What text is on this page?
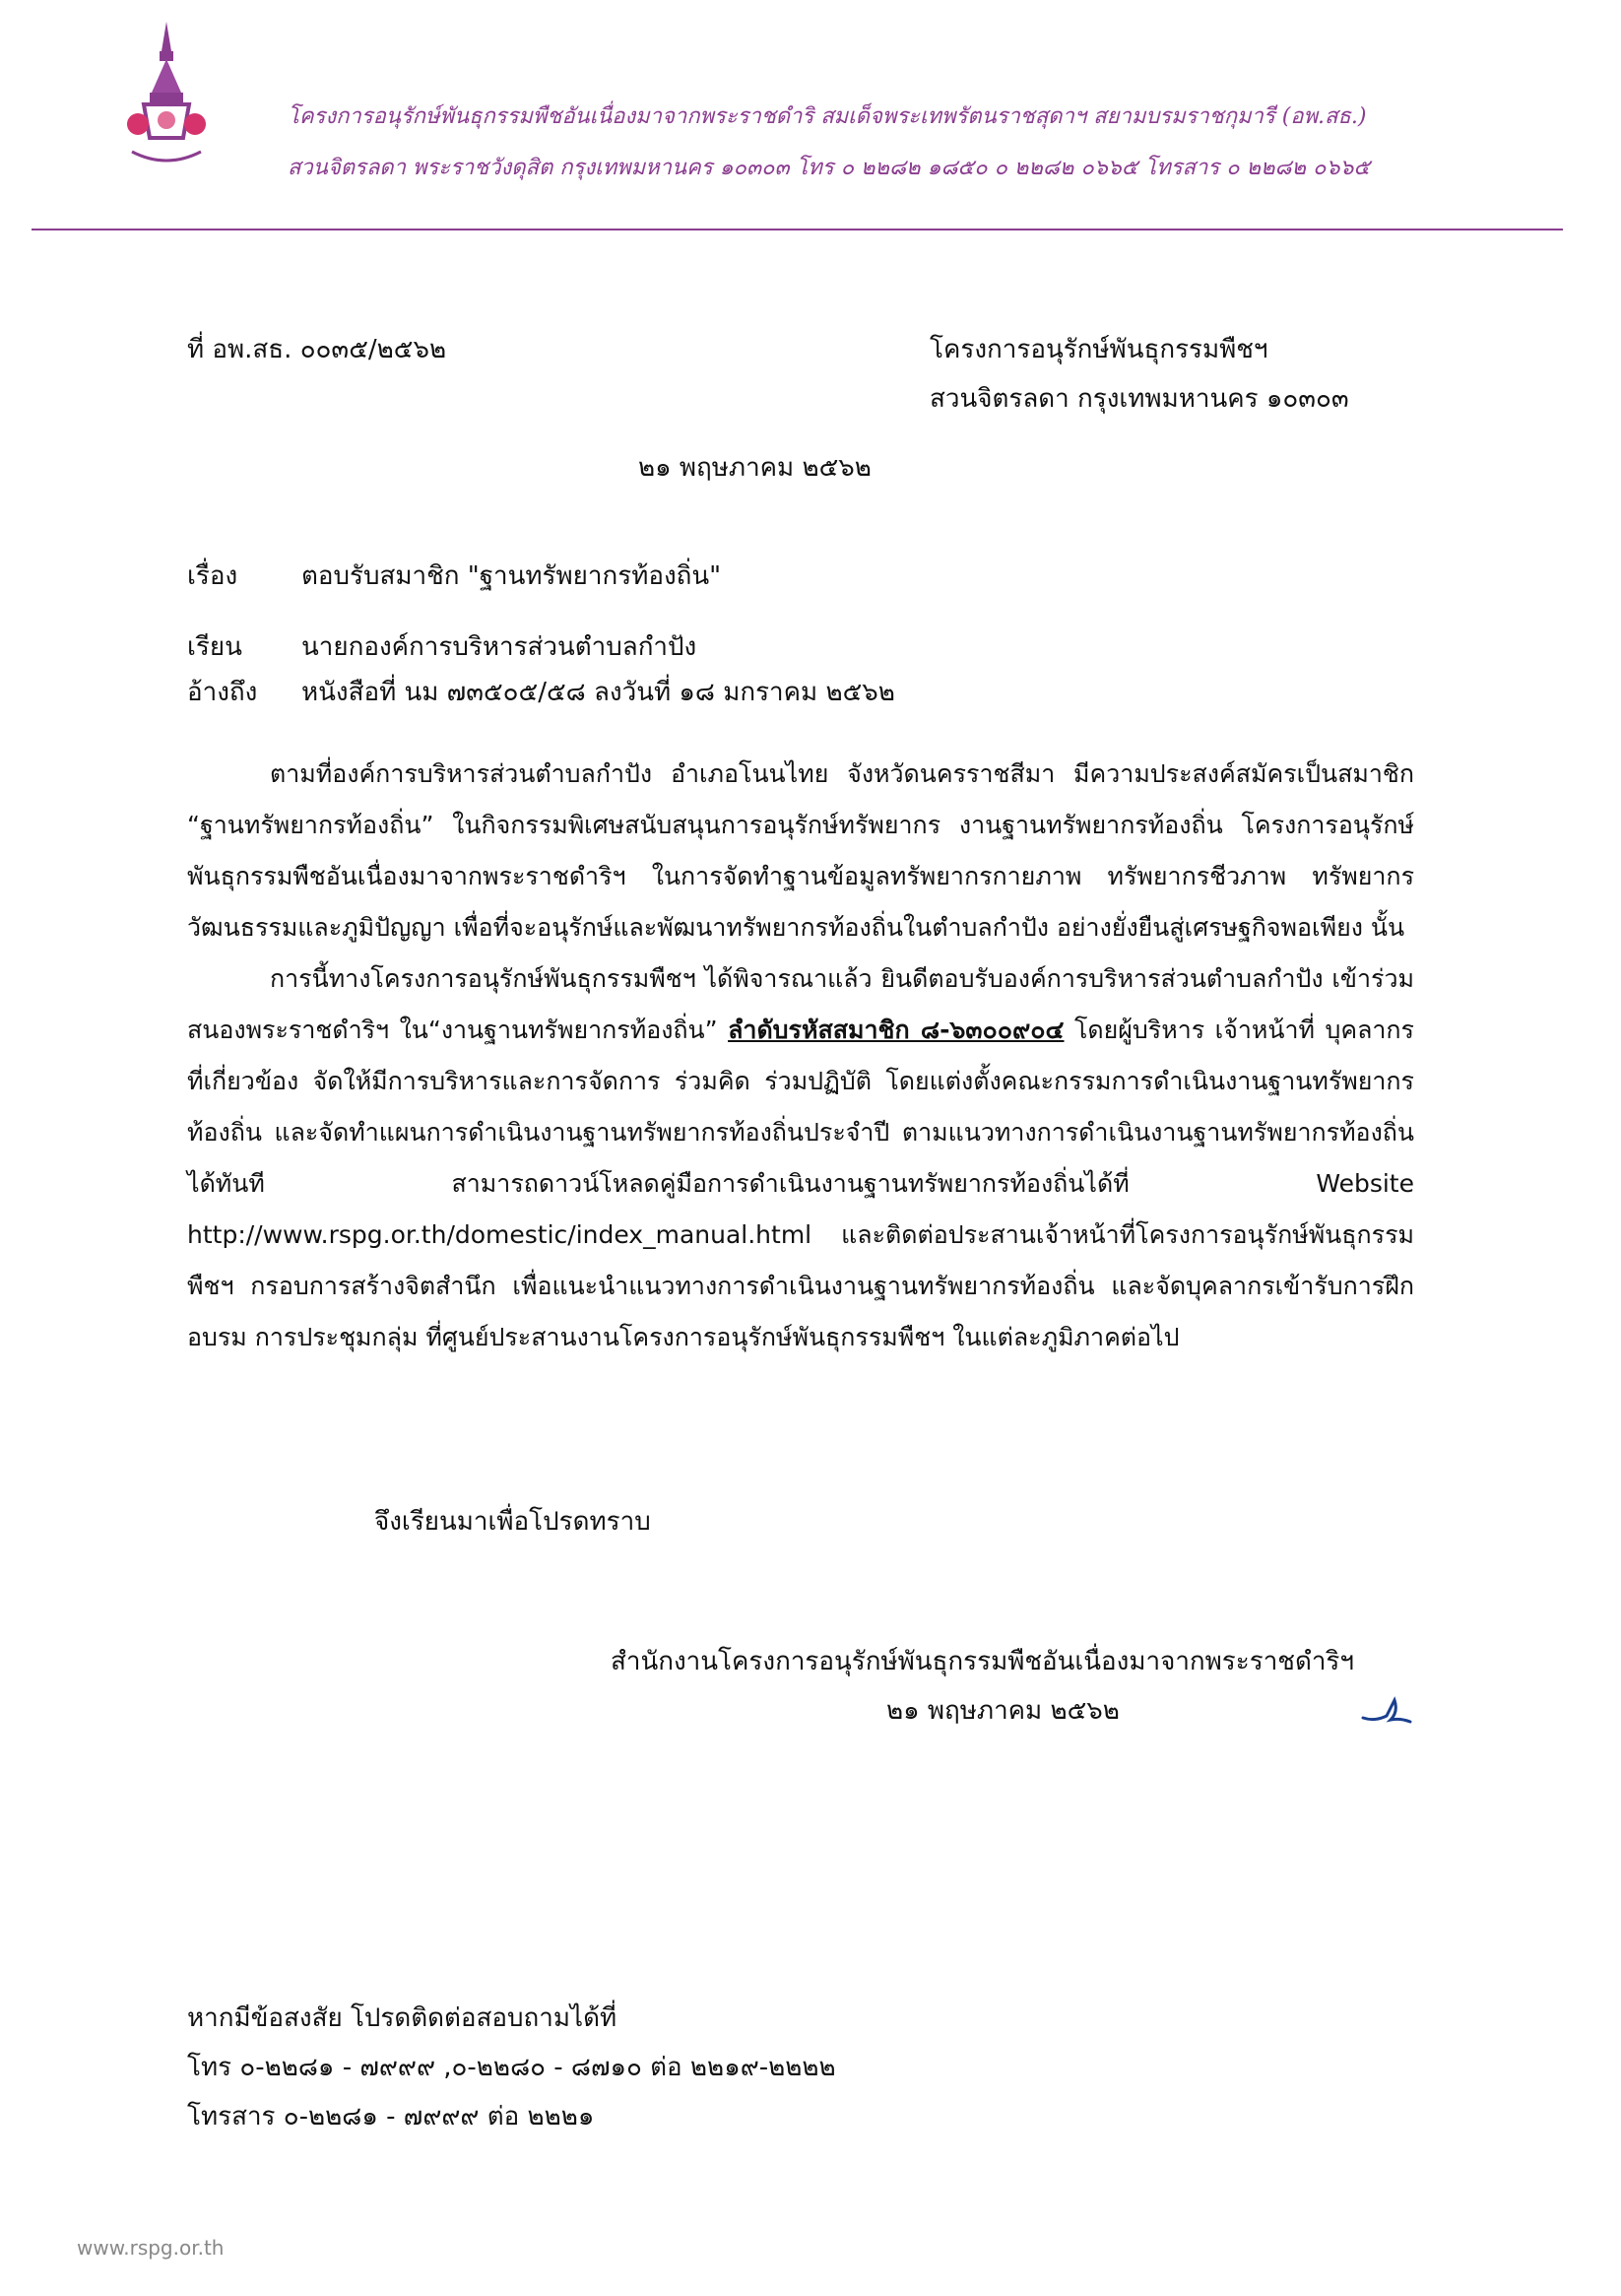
โครงการอนุรักษ์พันธุกรรมพืชอันเนื่องมาจากพระราชดำริ สมเด็จพระเทพรัตนราชสุดาฯ สยามบรมราชกุมารี (อพ.สธ.)
สวนจิตรลดา พระราชวังดุสิต กรุงเทพมหานคร ๑๐๓๐๓ โทร ๐ ๒๒๘๒ ๑๘๕๐ ๐ ๒๒๘๒ ๐๖๖๕ โทรสาร ๐ ๒๒๘๒ ๐๖๖๕
ที่ อพ.สธ. ๐๐๓๕/๒๕๖๒	โครงการอนุรักษ์พันธุกรรมพืชฯ
สวนจิตรลดา กรุงเทพมหานคร ๑๐๓๐๓
๒๑ พฤษภาคม ๒๕๖๒
เรื่อง ตอบรับสมาชิก "ฐานทรัพยากรท้องถิ่น"
เรียน นายกองค์การบริหารส่วนตำบลกำปัง
อ้างถึง หนังสือที่ นม ๗๓๕๐๕/๕๘ ลงวันที่ ๑๘ มกราคม ๒๕๖๒

ตามที่องค์การบริหารส่วนตำบลกำปัง อำเภอโนนไทย จังหวัดนครราชสีมา มีความประสงค์สมัครเป็นสมาชิก “ฐานทรัพยากรท้องถิ่น” ในกิจกรรมพิเศษสนับสนุนการอนุรักษ์ทรัพยากร งานฐานทรัพยากรท้องถิ่น โครงการอนุรักษ์พันธุกรรมพืชอันเนื่องมาจากพระราชดำริฯ ในการจัดทำฐานข้อมูลทรัพยากรกายภาพ ทรัพยากรชีวภาพ ทรัพยากรวัฒนธรรมและภูมิปัญญา เพื่อที่จะอนุรักษ์และพัฒนาทรัพยากรท้องถิ่นในตำบลกำปัง อย่างยั่งยืนสู่เศรษฐกิจพอเพียง นั้น

การนี้ทางโครงการอนุรักษ์พันธุกรรมพืชฯ ได้พิจารณาแล้ว ยินดีตอบรับองค์การบริหารส่วนตำบลกำปัง เข้าร่วมสนองพระราชดำริฯ ใน“งานฐานทรัพยากรท้องถิ่น” ลำดับรหัสสมาชิก ๘-๖๓๐๐๙๐๔ โดยผู้บริหาร เจ้าหน้าที่ บุคลากรที่เกี่ยวข้อง จัดให้มีการบริหารและการจัดการ ร่วมคิด ร่วมปฏิบัติ โดยแต่งตั้งคณะกรรมการดำเนินงานฐานทรัพยากรท้องถิ่น และจัดทำแผนการดำเนินงานฐานทรัพยากรท้องถิ่นประจำปี ตามแนวทางการดำเนินงานฐานทรัพยากรท้องถิ่นได้ทันที สามารถดาวน์โหลดคู่มือการดำเนินงานฐานทรัพยากรท้องถิ่นได้ที่ Website http://www.rspg.or.th/domestic/index_manual.html และติดต่อประสานเจ้าหน้าที่โครงการอนุรักษ์พันธุกรรมพืชฯ กรอบการสร้างจิตสำนึก เพื่อแนะนำแนวทางการดำเนินงานฐานทรัพยากรท้องถิ่น และจัดบุคลากรเข้ารับการฝึกอบรม การประชุมกลุ่ม ที่ศูนย์ประสานงานโครงการอนุรักษ์พันธุกรรมพืชฯ ในแต่ละภูมิภาคต่อไป

จึงเรียนมาเพื่อโปรดทราบ
สำนักงานโครงการอนุรักษ์พันธุกรรมพืชอันเนื่องมาจากพระราชดำริฯ
๒๑ พฤษภาคม ๒๕๖๒
หากมีข้อสงสัย โปรดติดต่อสอบถามได้ที่
โทร ๐-๒๒๘๑ - ๗๙๙๙ ,๐-๒๒๘๐ - ๘๗๑๐ ต่อ ๒๒๑๙-๒๒๒๒
โทรสาร ๐-๒๒๘๑ - ๗๙๙๙ ต่อ ๒๒๒๑
www.rspg.or.th
